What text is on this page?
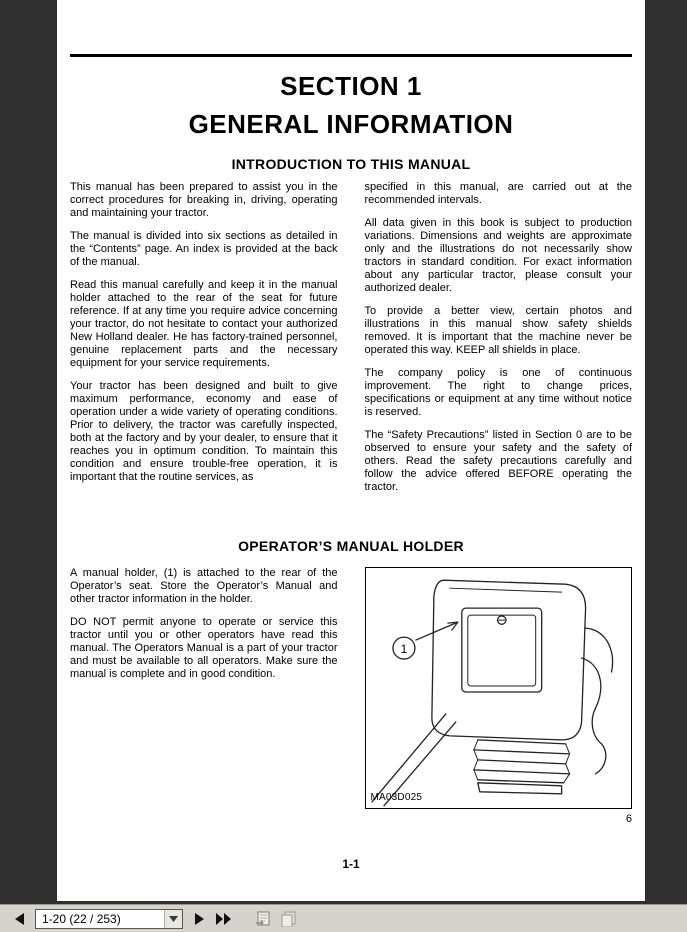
SECTION 1
GENERAL INFORMATION
INTRODUCTION TO THIS MANUAL

This manual has been prepared to assist you in the correct procedures for breaking in, driving, operating and maintaining your tractor.

The manual is divided into six sections as detailed in the “Contents” page. An index is provided at the back of the manual.

Read this manual carefully and keep it in the manual holder attached to the rear of the seat for future reference. If at any time you require advice concerning your tractor, do not hesitate to contact your authorized New Holland dealer. He has factory-trained personnel, genuine replacement parts and the necessary equipment for your service requirements.

Your tractor has been designed and built to give maximum performance, economy and ease of operation under a wide variety of operating conditions. Prior to delivery, the tractor was carefully inspected, both at the factory and by your dealer, to ensure that it reaches you in optimum condition. To maintain this condition and ensure trouble-free operation, it is important that the routine services, as

specified in this manual, are carried out at the recommended intervals.

All data given in this book is subject to production variations. Dimensions and weights are approximate only and the illustrations do not necessarily show tractors in standard condition. For exact information about any particular tractor, please consult your authorized dealer.

To provide a better view, certain photos and illustrations in this manual show safety shields removed. It is important that the machine never be operated this way. KEEP all shields in place.

The company policy is one of continuous improvement. The right to change prices, specifications or equipment at any time without notice is reserved.

The “Safety Precautions” listed in Section 0 are to be observed to ensure your safety and the safety of others. Read the safety precautions carefully and follow the advice offered BEFORE operating the tractor.

OPERATOR’S MANUAL HOLDER

A manual holder, (1) is attached to the rear of the Operator’s seat. Store the Operator’s Manual and other tractor information in the holder.

DO NOT permit anyone to operate or service this tractor until you or other operators have read this manual. The Operators Manual is a part of your tractor and must be available to all operators. Make sure the manual is complete and in good condition.

1
MA03D025
6
1-1
1-20 (22 / 253)
